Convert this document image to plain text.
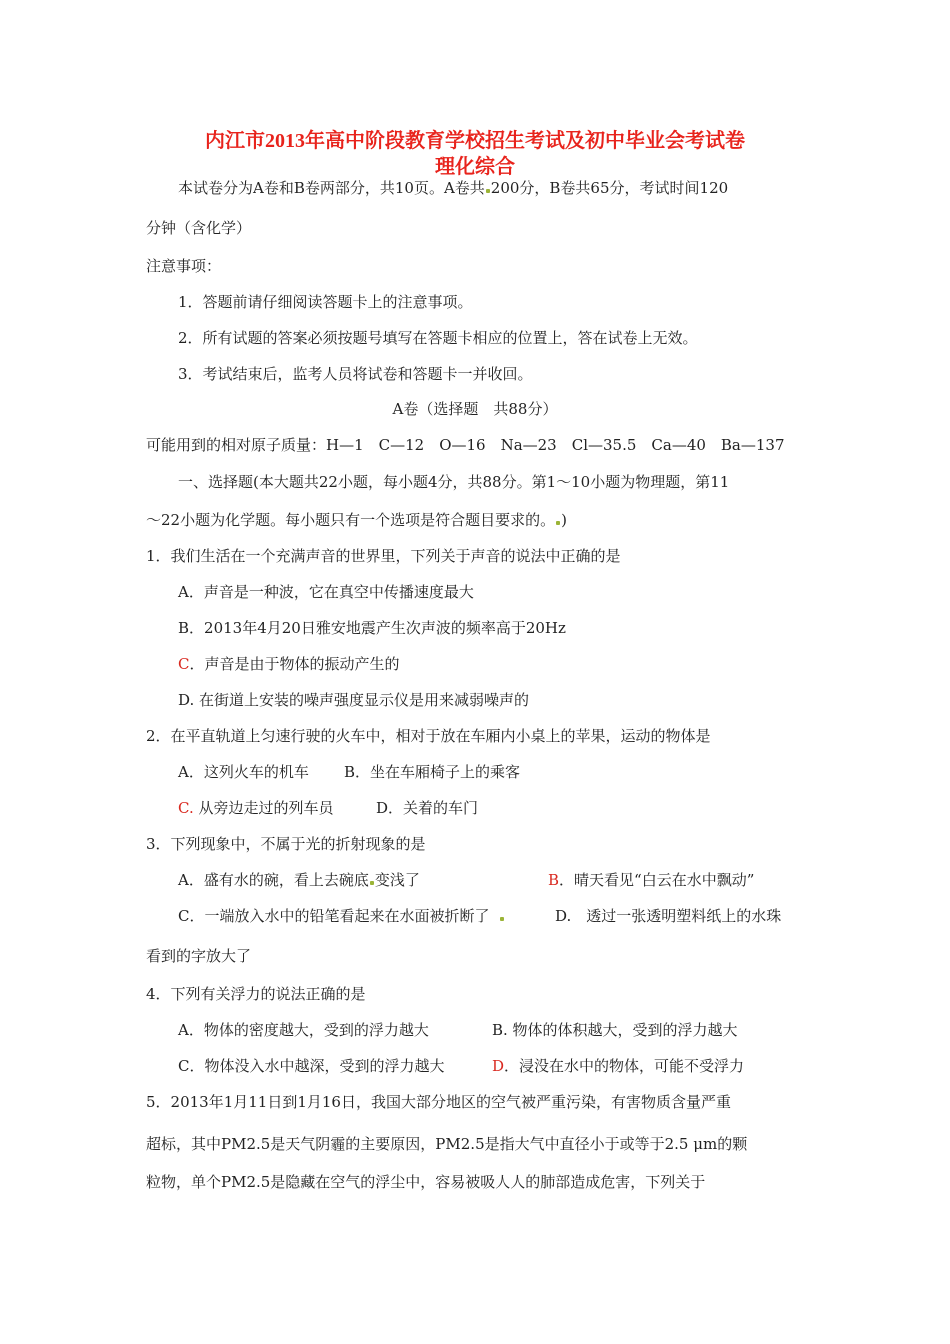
内江市2013年高中阶段教育学校招生考试及初中毕业会考试卷
理化综合
本试卷分为A卷和B卷两部分，共10页。A卷共 200分，B卷共65分，考试时间120
分钟（含化学）
注意事项：
1．答题前请仔细阅读答题卡上的注意事项。
2．所有试题的答案必须按题号填写在答题卡相应的位置上，答在试卷上无效。
3．考试结束后，监考人员将试卷和答题卡一并收回。
A卷（选择题　共88分）
可能用到的相对原子质量：H—1　C—12　O—16　Na—23　Cl—35.5　Ca—40　Ba—137
一、选择题(本大题共22小题，每小题4分，共88分。第1～10小题为物理题，第11
～22小题为化学题。每小题只有一个选项是符合题目要求的。 )
1．我们生活在一个充满声音的世界里，下列关于声音的说法中正确的是
A．声音是一种波，它在真空中传播速度最大
B．2013年4月20日雅安地震产生次声波的频率高于20Hz
C．声音是由于物体的振动产生的
D. 在街道上安装的噪声强度显示仪是用来减弱噪声的
2．在平直轨道上匀速行驶的火车中，相对于放在车厢内小桌上的苹果，运动的物体是
A．这列火车的机车 B．坐在车厢椅子上的乘客
C. 从旁边走过的列车员	D．关着的车门
3．下列现象中，不属于光的折射现象的是
A．盛有水的碗，看上去碗底 变浅了	B．晴天看见“白云在水中飘动”
C．一端放入水中的铅笔看起来在水面被折断了	D.　透过一张透明塑料纸上的水珠
看到的字放大了
4．下列有关浮力的说法正确的是
A．物体的密度越大，受到的浮力越大	B. 物体的体积越大，受到的浮力越大
C．物体没入水中越深，受到的浮力越大	D．浸没在水中的物体，可能不受浮力
5．2013年1月11日到1月16日，我国大部分地区的空气被严重污染，有害物质含量严重
超标，其中PM2.5是天气阴霾的主要原因，PM2.5是指大气中直径小于或等于2.5 μm的颗
粒物，单个PM2.5是隐藏在空气的浮尘中，容易被吸人人的肺部造成危害，下列关于
